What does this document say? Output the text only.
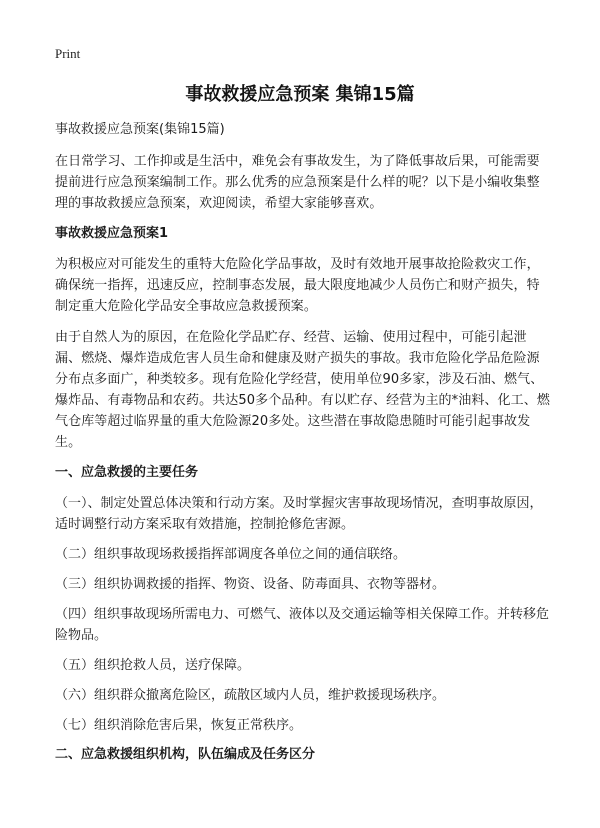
Print
事故救援应急预案 集锦15篇

事故救援应急预案(集锦15篇)

在日常学习、工作抑或是生活中，难免会有事故发生，为了降低事故后果，可能需要提前进行应急预案编制工作。那么优秀的应急预案是什么样的呢？以下是小编收集整理的事故救援应急预案，欢迎阅读，希望大家能够喜欢。

事故救援应急预案1

为积极应对可能发生的重特大危险化学品事故，及时有效地开展事故抢险救灾工作，确保统一指挥，迅速反应，控制事态发展，最大限度地减少人员伤亡和财产损失，特制定重大危险化学品安全事故应急救援预案。

由于自然人为的原因，在危险化学品贮存、经营、运输、使用过程中，可能引起泄漏、燃烧、爆炸造成危害人员生命和健康及财产损失的事故。我市危险化学品危险源分布点多面广，种类较多。现有危险化学经营，使用单位90多家，涉及石油、燃气、爆炸品、有毒物品和农药。共达50多个品种。有以贮存、经营为主的*油料、化工、燃气仓库等超过临界量的重大危险源20多处。这些潜在事故隐患随时可能引起事故发生。

一、应急救援的主要任务

（一）、制定处置总体决策和行动方案。及时掌握灾害事故现场情况，查明事故原因，适时调整行动方案采取有效措施，控制抢修危害源。

（二）组织事故现场救援指挥部调度各单位之间的通信联络。

（三）组织协调救援的指挥、物资、设备、防毒面具、衣物等器材。

（四）组织事故现场所需电力、可燃气、液体以及交通运输等相关保障工作。并转移危险物品。

（五）组织抢救人员，送疗保障。

（六）组织群众撤离危险区，疏散区域内人员，维护救援现场秩序。

（七）组织消除危害后果，恢复正常秩序。

二、应急救援组织机构，队伍编成及任务区分
